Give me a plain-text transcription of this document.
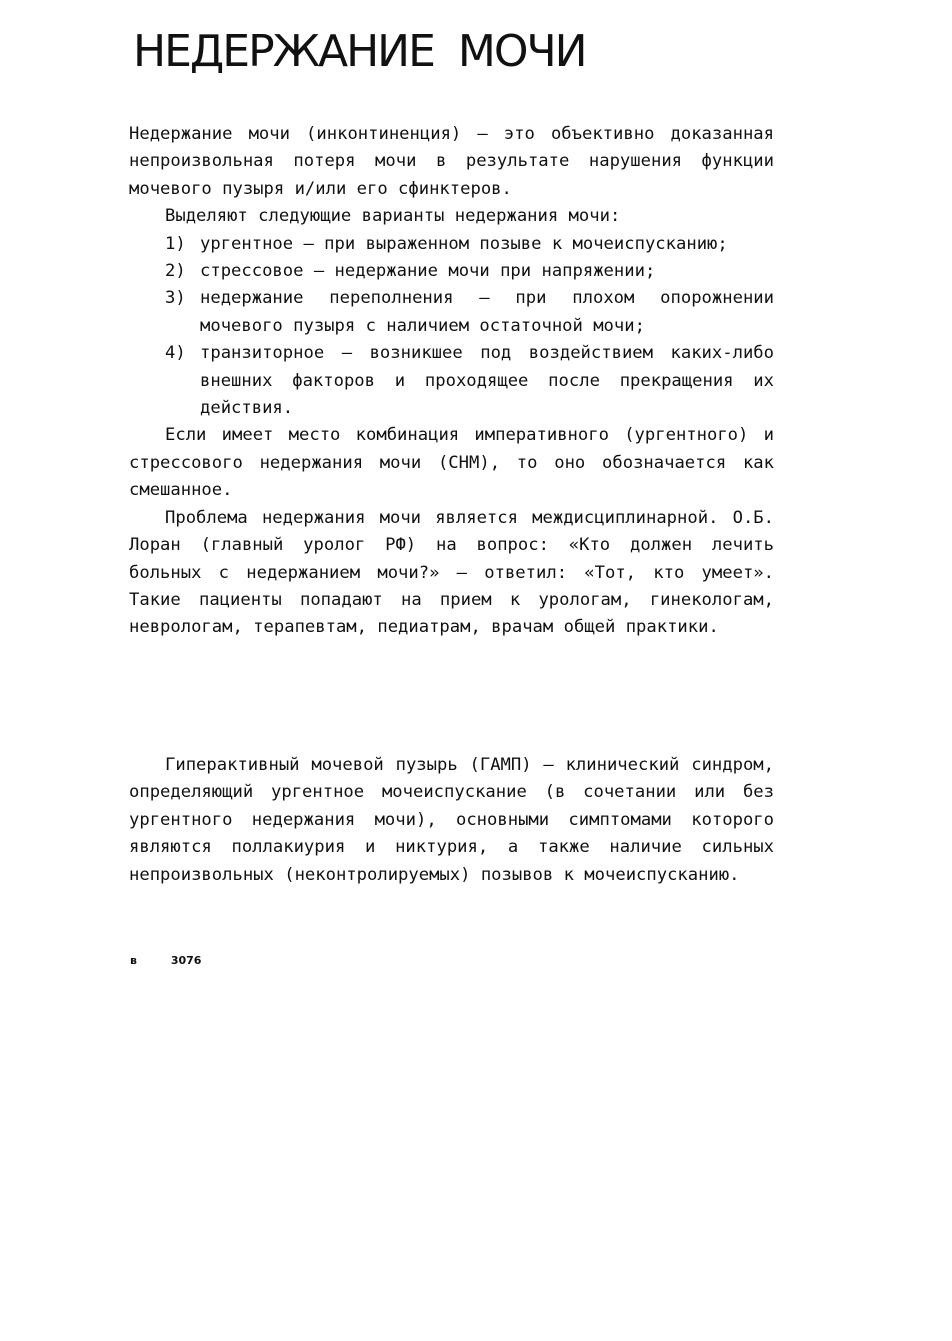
НЕДЕРЖАНИЕ  МОЧИ

Недержание мочи (инконтиненция) — это объективно доказанная непроизвольная потеря мочи в результате нарушения функции мочевого пузыря и/или его сфинктеров.

Выделяют следующие варианты недержания мочи:

1) ургентное — при выраженном позыве к мочеиспусканию;
2) стрессовое — недержание мочи при напряжении;
3) недержание переполнения — при плохом опорожнении мочевого пузыря с наличием остаточной мочи;
4) транзиторное — возникшее под воздействием каких-либо внешних факторов и проходящее после прекращения их действия.

Если имеет место комбинация императивного (ургентного) и стрессового недержания мочи (СНМ), то оно обозначается как смешанное.

Проблема недержания мочи является междисциплинарной. О.Б. Лоран (главный уролог РФ) на вопрос: «Кто должен лечить больных с недержанием мочи?» — ответил: «Тот, кто умеет». Такие пациенты попадают на прием к урологам, гинекологам, неврологам, терапевтам, педиатрам, врачам общей практики.

Гиперактивный мочевой пузырь (ГАМП) — клинический синдром, определяющий ургентное мочеиспускание (в сочетании или без ургентного недержания мочи), основными симптомами которого являются поллакиурия и никтурия, а также наличие сильных непроизвольных (неконтролируемых) позывов к мочеиспусканию.

в	3076
